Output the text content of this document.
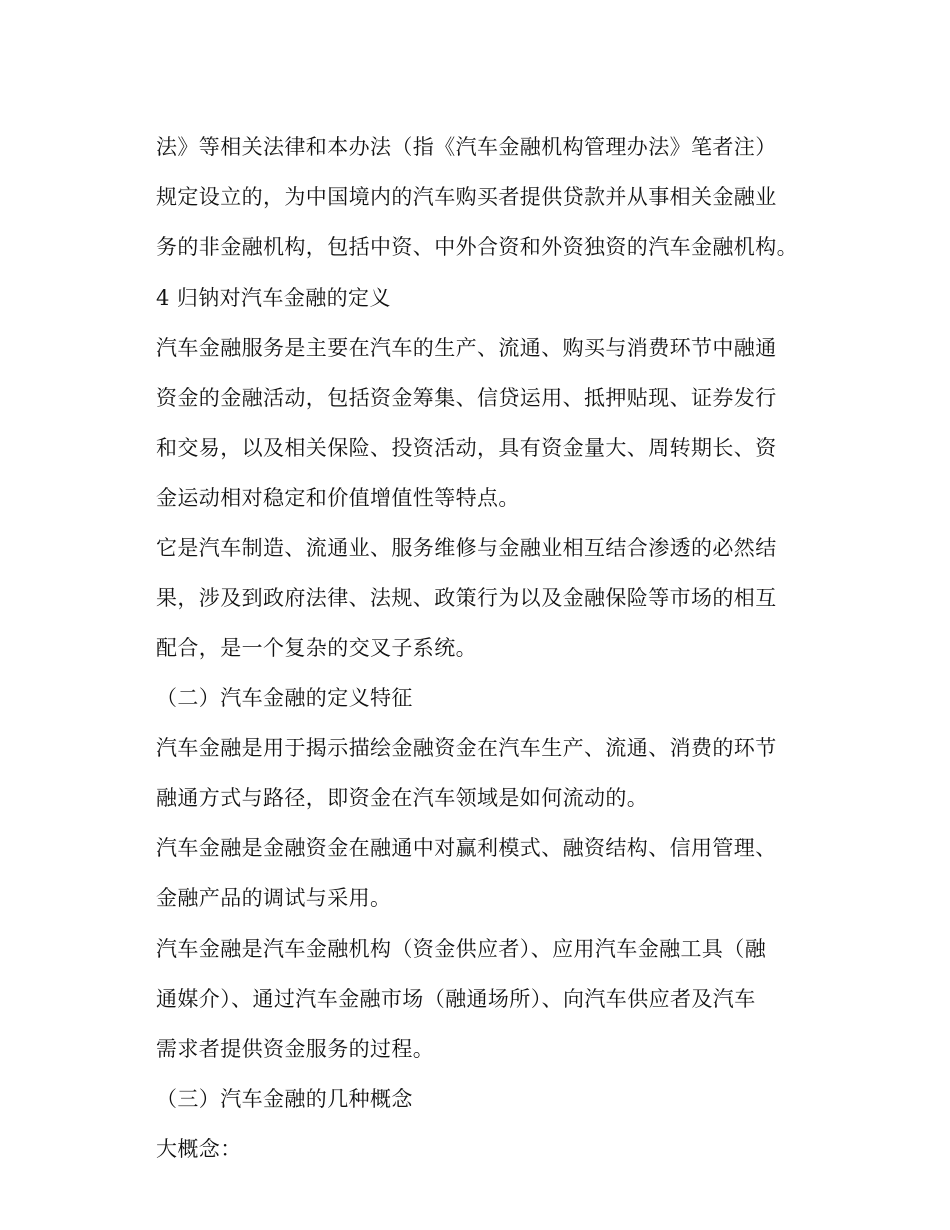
法》等相关法律和本办法（指《汽车金融机构管理办法》笔者注）
规定设立的，为中国境内的汽车购买者提供贷款并从事相关金融业
务的非金融机构，包括中资、中外合资和外资独资的汽车金融机构。
4 归钠对汽车金融的定义
汽车金融服务是主要在汽车的生产、流通、购买与消费环节中融通
资金的金融活动，包括资金筹集、信贷运用、抵押贴现、证券发行
和交易，以及相关保险、投资活动，具有资金量大、周转期长、资
金运动相对稳定和价值增值性等特点。
它是汽车制造、流通业、服务维修与金融业相互结合渗透的必然结
果，涉及到政府法律、法规、政策行为以及金融保险等市场的相互
配合，是一个复杂的交叉子系统。
（二）汽车金融的定义特征
汽车金融是用于揭示描绘金融资金在汽车生产、流通、消费的环节
融通方式与路径，即资金在汽车领域是如何流动的。
汽车金融是金融资金在融通中对赢利模式、融资结构、信用管理、
金融产品的调试与采用。
汽车金融是汽车金融机构（资金供应者）、应用汽车金融工具（融
通媒介）、通过汽车金融市场（融通场所）、向汽车供应者及汽车
需求者提供资金服务的过程。
（三）汽车金融的几种概念
大概念：
